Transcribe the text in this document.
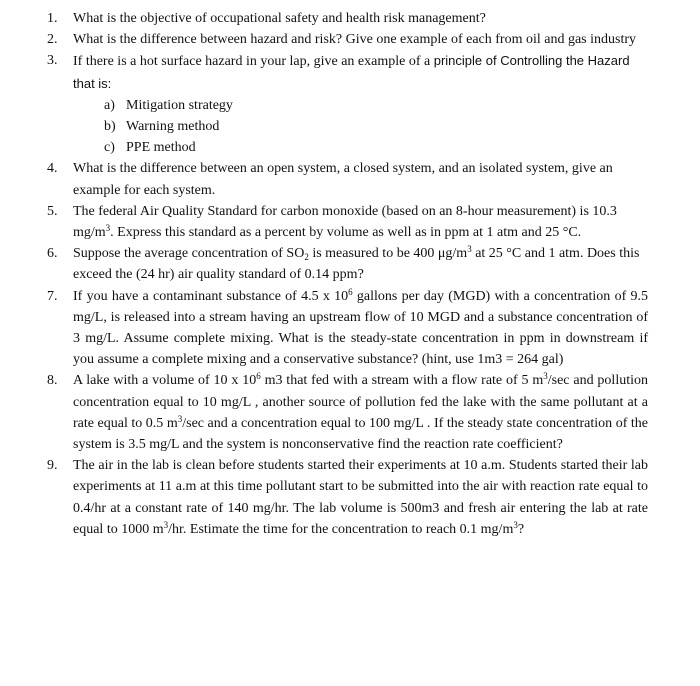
1. What is the objective of occupational safety and health risk management?
2. What is the difference between hazard and risk? Give one example of each from oil and gas industry
3. If there is a hot surface hazard in your lap, give an example of a principle of Controlling the Hazard that is:
a) Mitigation strategy
b) Warning method
c) PPE method
4. What is the difference between an open system, a closed system, and an isolated system, give an example for each system.
5. The federal Air Quality Standard for carbon monoxide (based on an 8-hour measurement) is 10.3 $mg/m^3$. Express this standard as a percent by volume as well as in ppm at 1 atm and 25 °C.
6. Suppose the average concentration of $SO_2$ is measured to be 400 $\mu g/m^3$ at 25 °C and 1 atm. Does this exceed the (24 hr) air quality standard of 0.14 ppm?
7. If you have a contaminant substance of 4.5 x $10^6$ gallons per day (MGD) with a concentration of 9.5 mg/L, is released into a stream having an upstream flow of 10 MGD and a substance concentration of 3 mg/L. Assume complete mixing. What is the steady-state concentration in ppm in downstream if you assume a complete mixing and a conservative substance? (hint, use 1m3 = 264 gal)
8. A lake with a volume of 10 x $10^6$ m3 that fed with a stream with a flow rate of 5 $m^3/\sec$ and pollution concentration equal to 10 mg/L , another source of pollution fed the lake with the same pollutant at a rate equal to 0.5 $m^3/\sec$ and a concentration equal to 100 mg/L . If the steady state concentration of the system is 3.5 mg/L and the system is nonconservative find the reaction rate coefficient?
9. The air in the lab is clean before students started their experiments at 10 a.m. Students started their lab experiments at 11 a.m at this time pollutant start to be submitted into the air with reaction rate equal to 0.4/hr at a constant rate of 140 mg/hr. The lab volume is 500m3 and fresh air entering the lab at rate equal to 1000 $m^3/hr$. Estimate the time for the concentration to reach 0.1 $mg/m^3$?
